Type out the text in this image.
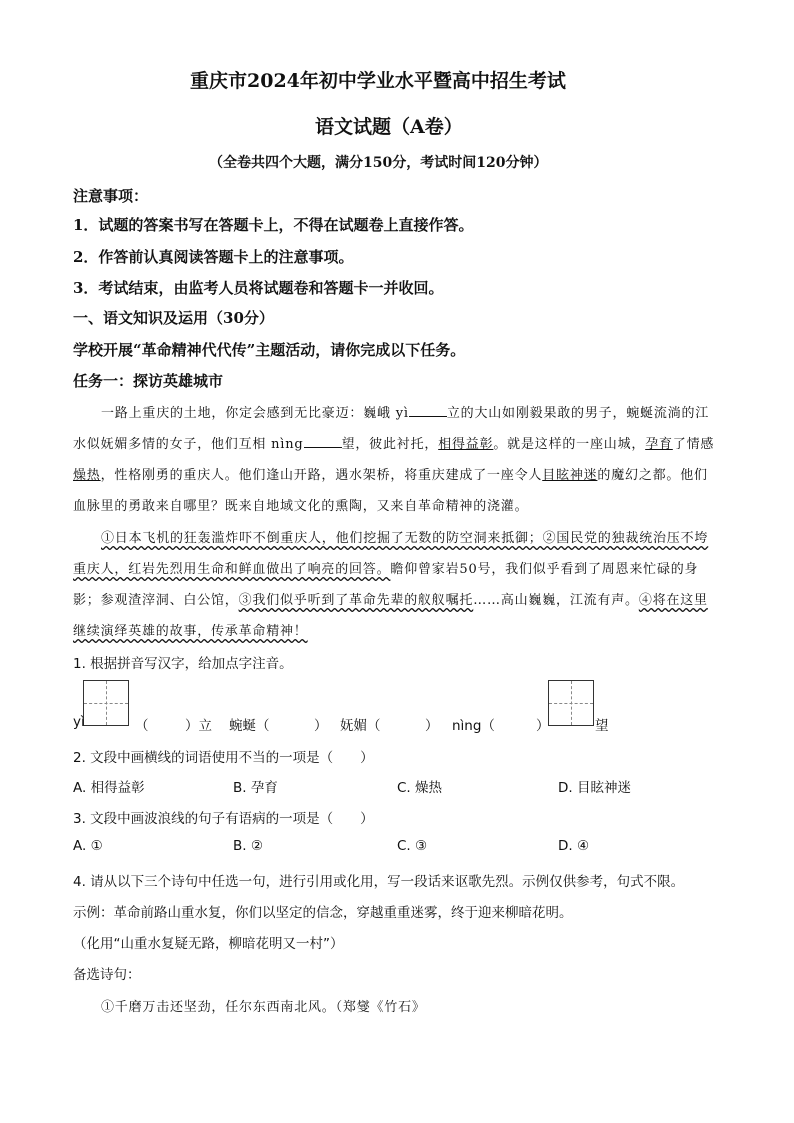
重庆市2024年初中学业水平暨高中招生考试
语文试题（A卷）
（全卷共四个大题，满分150分，考试时间120分钟）
注意事项：
1．试题的答案书写在答题卡上，不得在试题卷上直接作答。
2．作答前认真阅读答题卡上的注意事项。
3．考试结束，由监考人员将试题卷和答题卡一并收回。
一、语文知识及运用（30分）
学校开展“革命精神代代传”主题活动，请你完成以下任务。
任务一：探访英雄城市
一路上重庆的土地，你定会感到无比豪迈：巍峨 yì	立的大山如刚毅果敢的男子，蜿蜒流淌的江
水似妩媚多情的女子，他们互相 nìng	望，彼此衬托，相得益彰。就是这样的一座山城，孕育了情感
燥热，性格刚勇的重庆人。他们逢山开路，遇水架桥，将重庆建成了一座令人目眩神迷的魔幻之都。他们
血脉里的勇敢来自哪里？既来自地域文化的熏陶，又来自革命精神的浇灌。
①日本飞机的狂轰滥炸吓不倒重庆人，他们挖掘了无数的防空洞来抵御；②国民党的独裁统治压不垮
重庆人，红岩先烈用生命和鲜血做出了响亮的回答。瞻仰曾家岩50号，我们似乎看到了周恩来忙碌的身
影；参观渣滓洞、白公馆，③我们似乎听到了革命先辈的舣舣嘱托……高山巍巍，江流有声。④将在这里
继续演绎英雄的故事，传承革命精神！
1. 根据拼音写汉字，给加点字注音。
yì	（	）立 蜿蜒（	） 妩媚（	） nìng（	）	望
2. 文段中画横线的词语使用不当的一项是（　　）
A. 相得益彰	B. 孕育	C. 燥热	D. 目眩神迷
3. 文段中画波浪线的句子有语病的一项是（　　）
A. ①	B. ②	C. ③	D. ④
4. 请从以下三个诗句中任选一句，进行引用或化用，写一段话来讴歌先烈。示例仅供参考，句式不限。
示例：革命前路山重水复，你们以坚定的信念，穿越重重迷雾，终于迎来柳暗花明。
（化用“山重水复疑无路，柳暗花明又一村”）
备选诗句：
①千磨万击还坚劲，任尔东西南北风。（郑燮《竹石》
